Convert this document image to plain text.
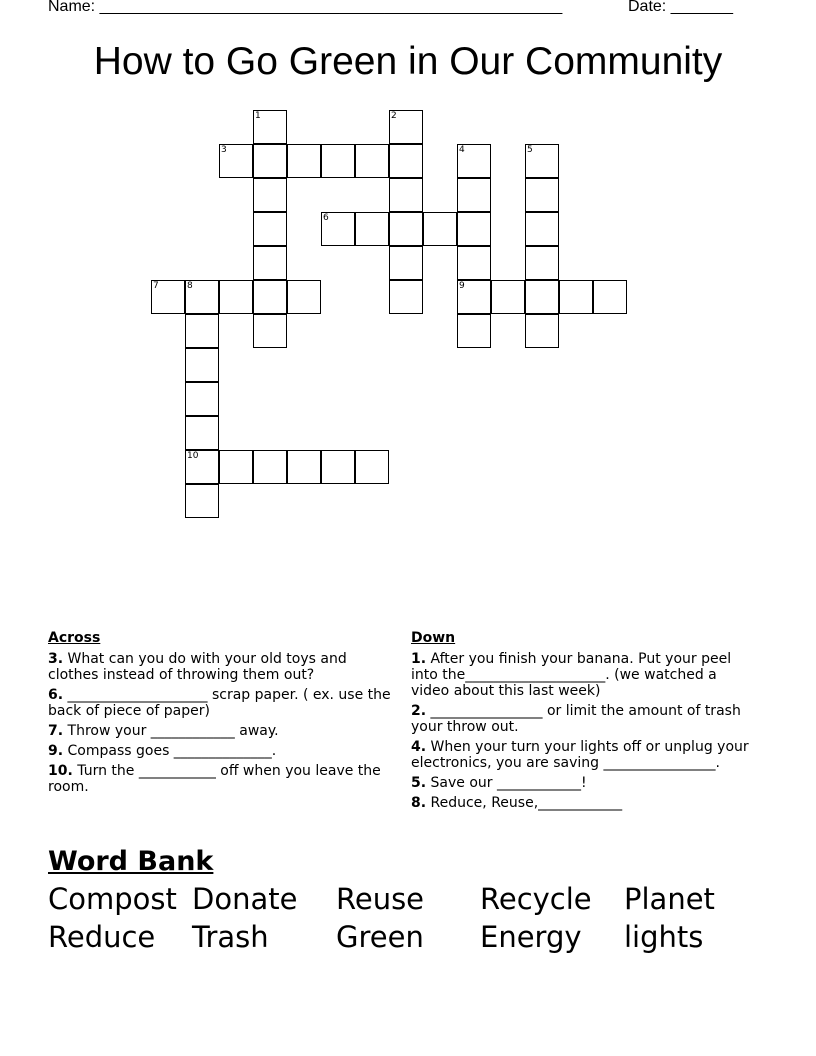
Name: ____________________________________________________	Date: _______
How to Go Green in Our Community
1	2
3	4	5
6
7	8	9
10
Across
3. What can you do with your old toys and clothes instead of throwing them out?
6. ____________________ scrap paper. ( ex. use the back of piece of paper)
7. Throw your ____________ away.
9. Compass goes ______________.
10. Turn the ___________ off when you leave the room.
Down
1. After you finish your banana. Put your peel into the____________________. (we watched a video about this last week)
2. ________________ or limit the amount of trash your throw out.
4. When your turn your lights off or unplug your electronics, you are saving ________________.
5. Save our ____________!
8. Reduce, Reuse,____________
Word Bank
Compost Donate	Reuse	Recycle	Planet
Reduce	Trash	Green	Energy	lights
